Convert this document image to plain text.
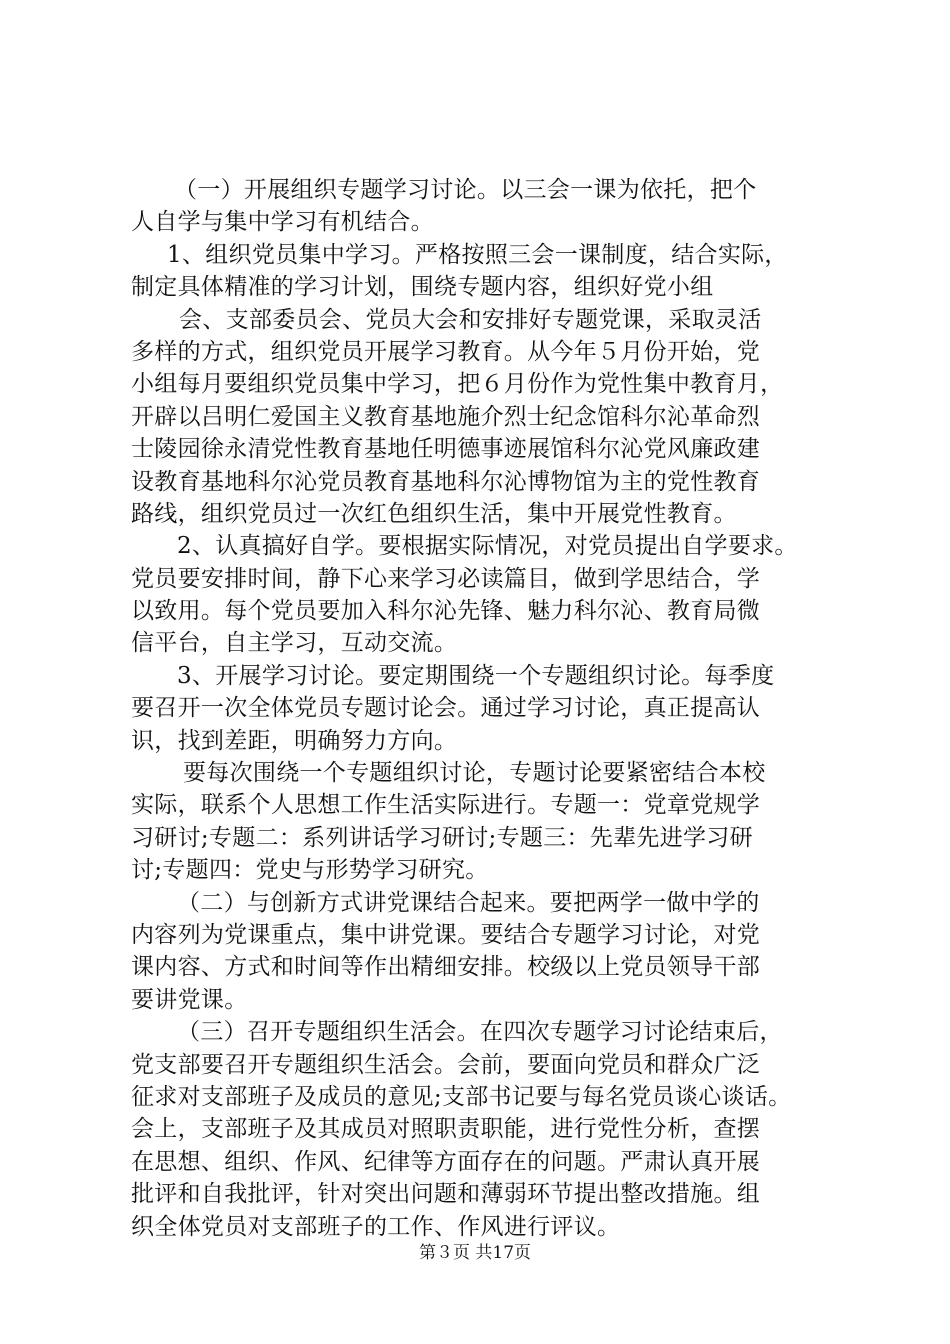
（一）开展组织专题学习讨论。以三会一课为依托，把个
人自学与集中学习有机结合。
1、组织党员集中学习。严格按照三会一课制度，结合实际，
制定具体精准的学习计划，围绕专题内容，组织好党小组
会、支部委员会、党员大会和安排好专题党课，采取灵活
多样的方式，组织党员开展学习教育。从今年５月份开始，党
小组每月要组织党员集中学习，把６月份作为党性集中教育月，
开辟以吕明仁爱国主义教育基地施介烈士纪念馆科尔沁革命烈
士陵园徐永清党性教育基地任明德事迹展馆科尔沁党风廉政建
设教育基地科尔沁党员教育基地科尔沁博物馆为主的党性教育
路线，组织党员过一次红色组织生活，集中开展党性教育。
2、认真搞好自学。要根据实际情况，对党员提出自学要求。
党员要安排时间，静下心来学习必读篇目，做到学思结合，学
以致用。每个党员要加入科尔沁先锋、魅力科尔沁、教育局微
信平台，自主学习，互动交流。
3、开展学习讨论。要定期围绕一个专题组织讨论。每季度
要召开一次全体党员专题讨论会。通过学习讨论，真正提高认
识，找到差距，明确努力方向。
要每次围绕一个专题组织讨论，专题讨论要紧密结合本校
实际，联系个人思想工作生活实际进行。专题一：党章党规学
习研讨;专题二：系列讲话学习研讨;专题三：先辈先进学习研
讨;专题四：党史与形势学习研究。
（二）与创新方式讲党课结合起来。要把两学一做中学的
内容列为党课重点，集中讲党课。要结合专题学习讨论，对党
课内容、方式和时间等作出精细安排。校级以上党员领导干部
要讲党课。
（三）召开专题组织生活会。在四次专题学习讨论结束后，
党支部要召开专题组织生活会。会前，要面向党员和群众广泛
征求对支部班子及成员的意见;支部书记要与每名党员谈心谈话。
会上，支部班子及其成员对照职责职能，进行党性分析，查摆
在思想、组织、作风、纪律等方面存在的问题。严肃认真开展
批评和自我批评，针对突出问题和薄弱环节提出整改措施。组
织全体党员对支部班子的工作、作风进行评议。
第３页 共17页
